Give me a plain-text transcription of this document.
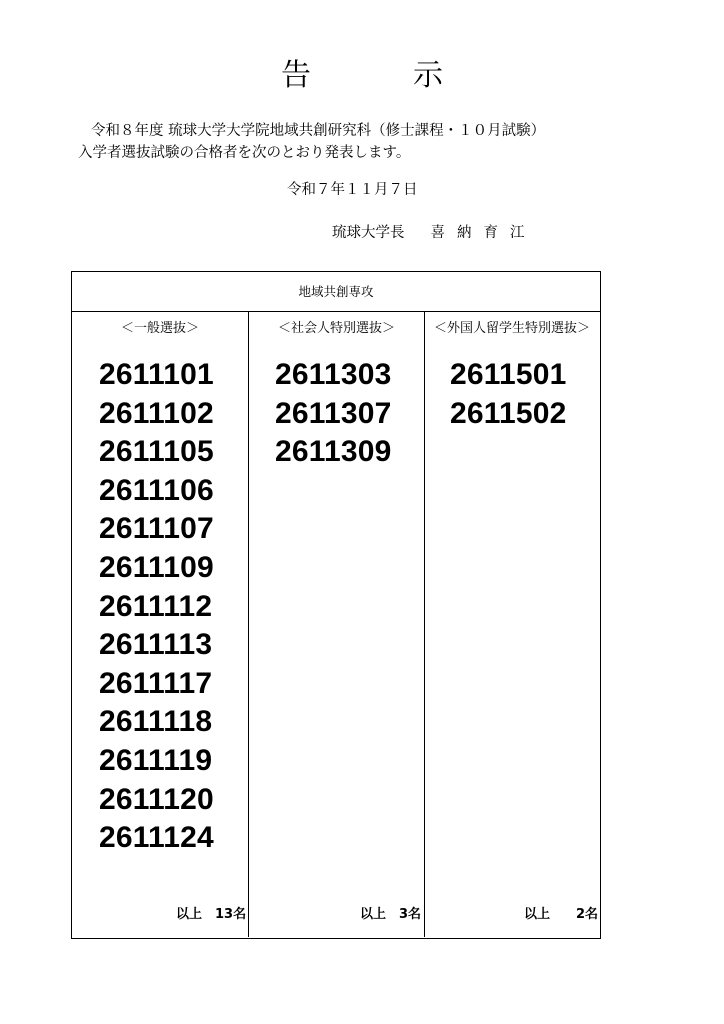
告　示
令和８年度 琉球大学大学院地域共創研究科（修士課程・１０月試験）
入学者選抜試験の合格者を次のとおり発表します。
令和７年１１月７日
琉球大学長 喜納育江
地域共創専攻
＜一般選抜＞
2611101
2611102
2611105
2611106
2611107
2611109
2611112
2611113
2611117
2611118
2611119
2611120
2611124
以上　13名
＜社会人特別選抜＞
2611303
2611307
2611309
以上　3名
＜外国人留学生特別選抜＞
2611501
2611502
以上　　2名
